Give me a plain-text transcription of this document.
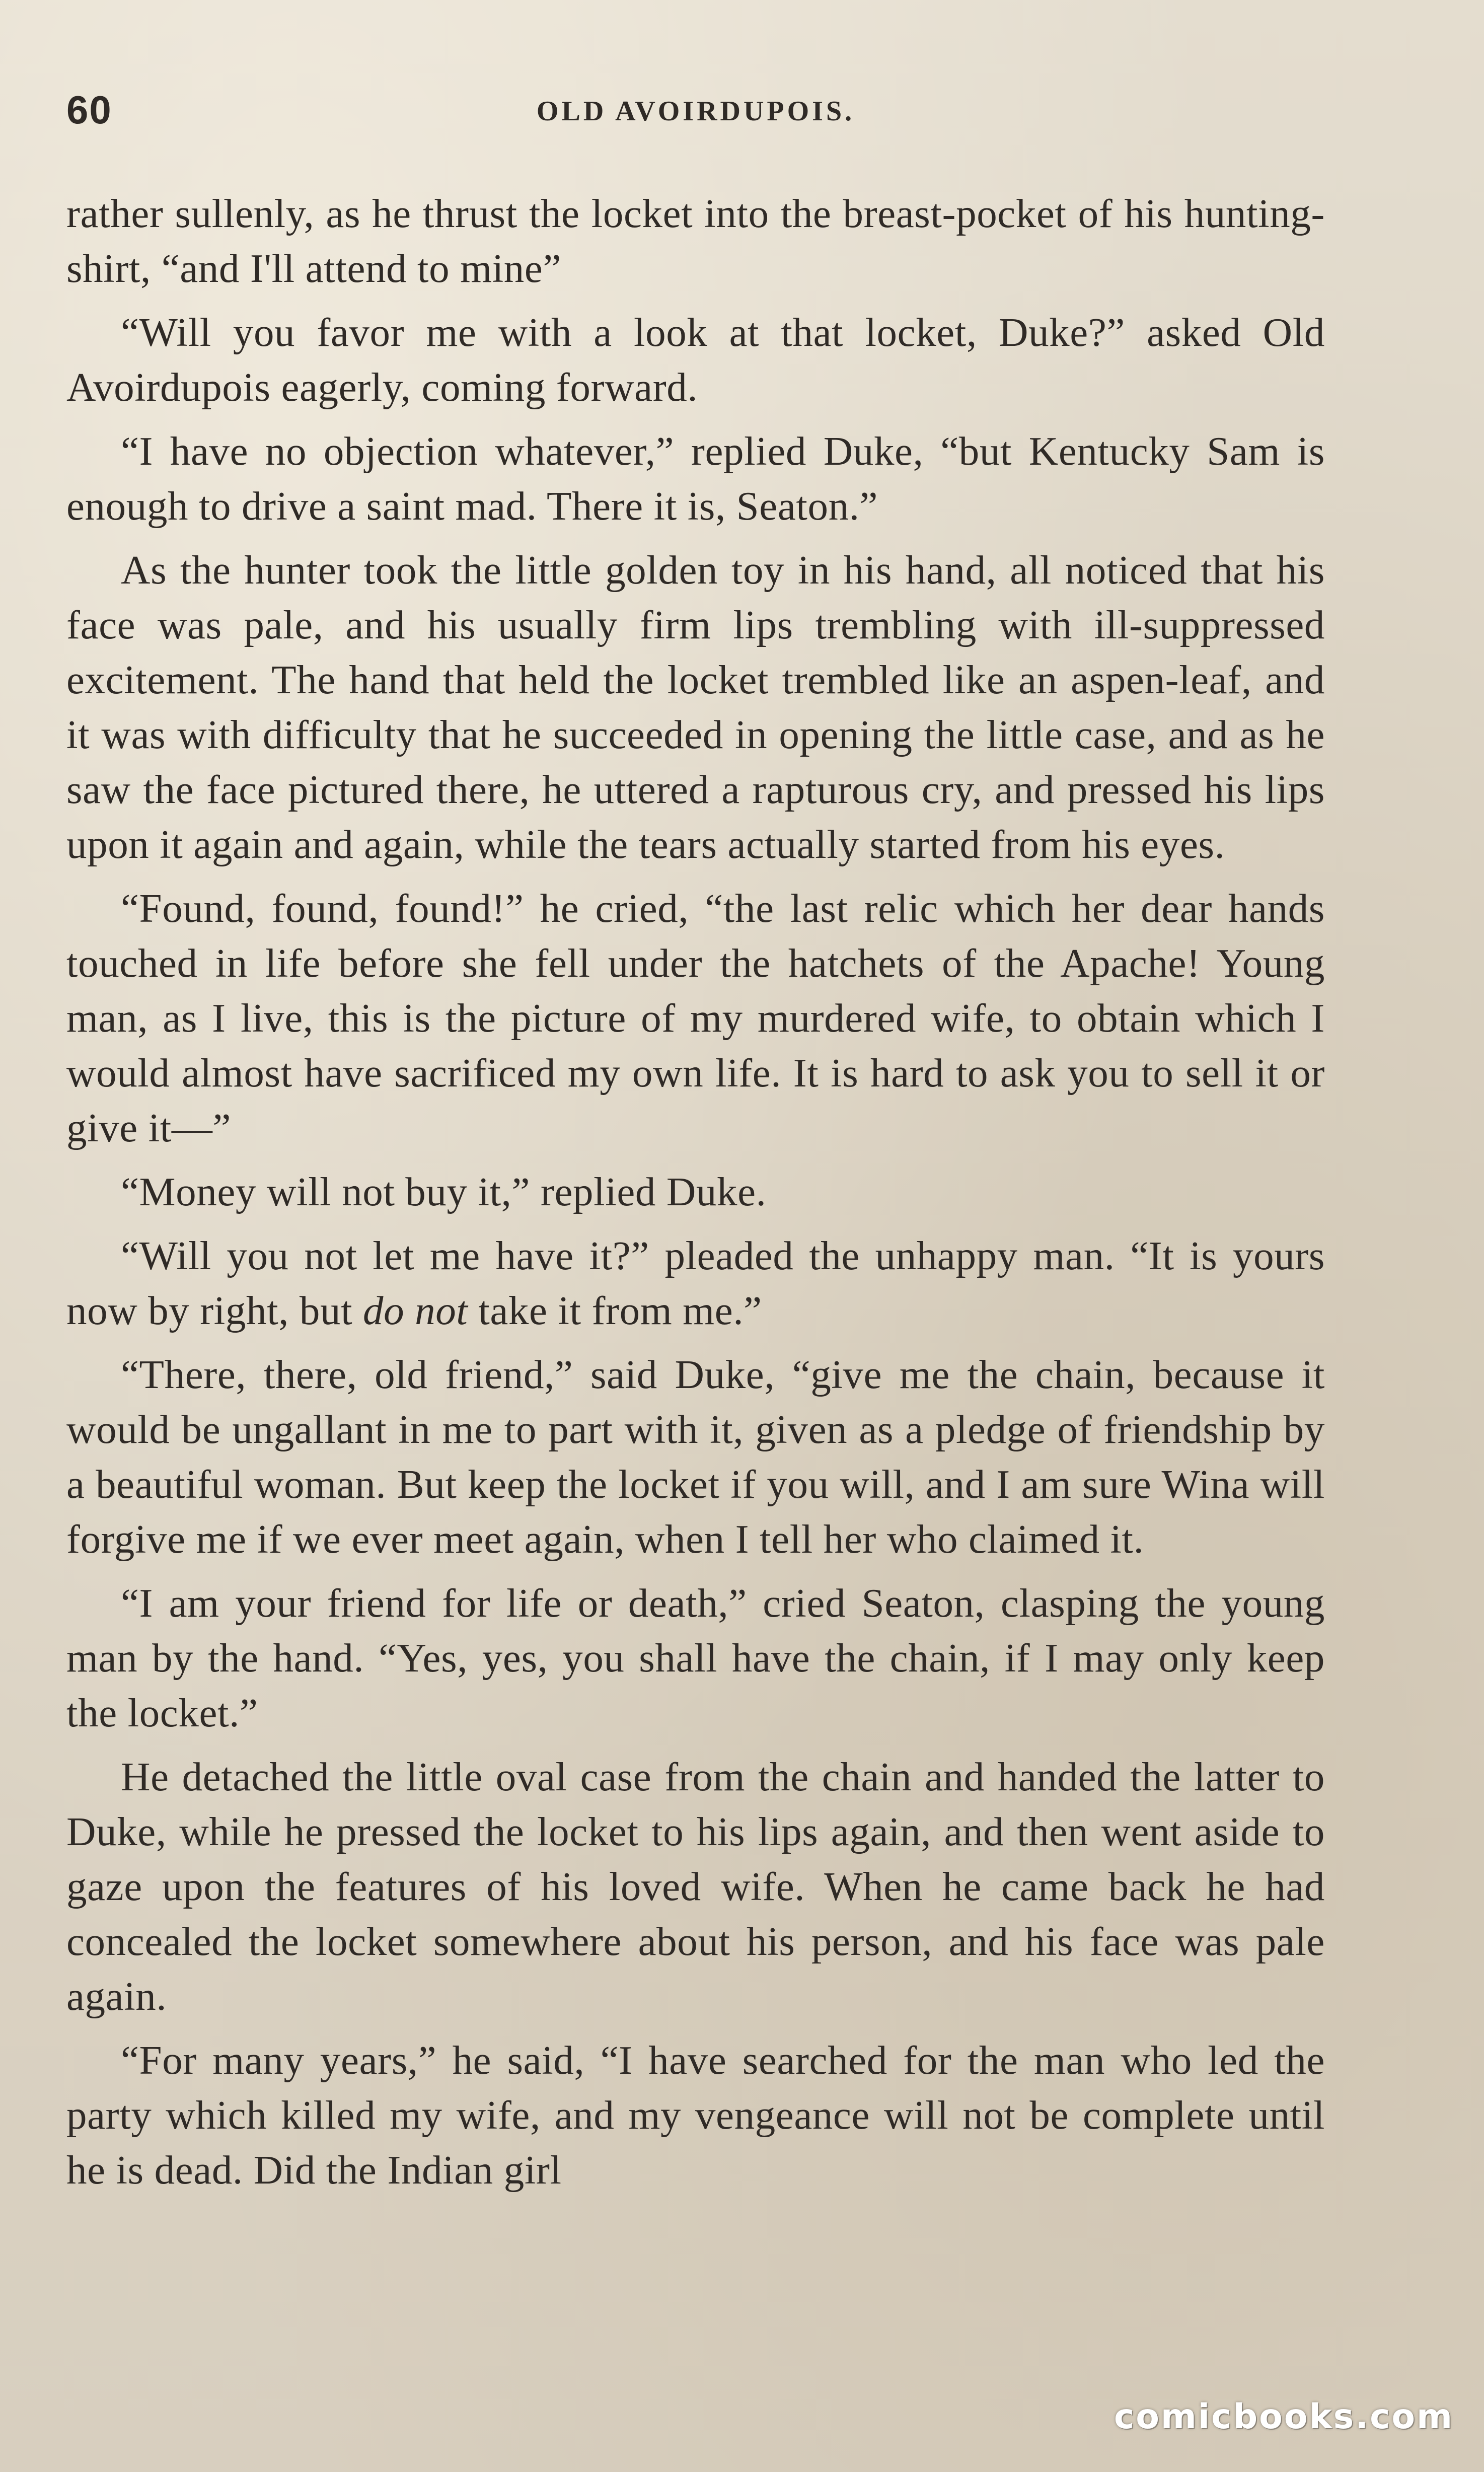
60	OLD AVOIRDUPOIS.

rather sullenly, as he thrust the locket into the breast-pocket of his hunting-shirt, “and I'll attend to mine”

“Will you favor me with a look at that locket, Duke?” asked Old Avoirdupois eagerly, coming forward.

“I have no objection whatever,” replied Duke, “but Kentucky Sam is enough to drive a saint mad. There it is, Seaton.”

As the hunter took the little golden toy in his hand, all noticed that his face was pale, and his usually firm lips trembling with ill-suppressed excitement. The hand that held the locket trembled like an aspen-leaf, and it was with difficulty that he succeeded in opening the little case, and as he saw the face pictured there, he uttered a rapturous cry, and pressed his lips upon it again and again, while the tears actually started from his eyes.

“Found, found, found!” he cried, “the last relic which her dear hands touched in life before she fell under the hatchets of the Apache! Young man, as I live, this is the picture of my murdered wife, to obtain which I would almost have sacrificed my own life. It is hard to ask you to sell it or give it—”

“Money will not buy it,” replied Duke.

“Will you not let me have it?” pleaded the unhappy man. “It is yours now by right, but do not take it from me.”

“There, there, old friend,” said Duke, “give me the chain, because it would be ungallant in me to part with it, given as a pledge of friendship by a beautiful woman. But keep the locket if you will, and I am sure Wina will forgive me if we ever meet again, when I tell her who claimed it.

“I am your friend for life or death,” cried Seaton, clasping the young man by the hand. “Yes, yes, you shall have the chain, if I may only keep the locket.”

He detached the little oval case from the chain and handed the latter to Duke, while he pressed the locket to his lips again, and then went aside to gaze upon the features of his loved wife. When he came back he had concealed the locket somewhere about his person, and his face was pale again.

“For many years,” he said, “I have searched for the man who led the party which killed my wife, and my vengeance will not be complete until he is dead. Did the Indian girl

comicbooks.com
